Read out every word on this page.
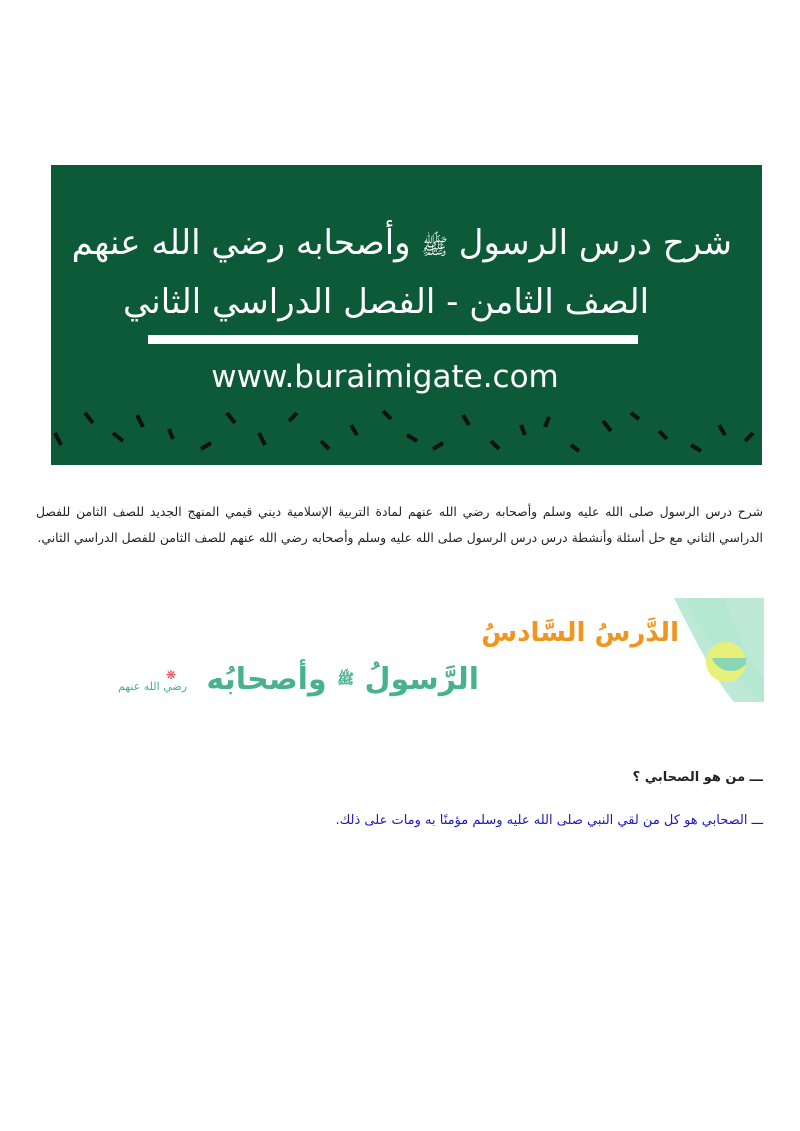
شرح درس الرسول ﷺ وأصحابه رضي الله عنهم
الصف الثامن - الفصل الدراسي الثاني
www.buraimigate.com

شرح درس الرسول صلى الله عليه وسلم وأصحابه رضي الله عنهم لمادة التربية الإسلامية ديني قيمي المنهج الجديد للصف الثامن للفصل الدراسي الثاني مع حل أسئلة وأنشطة درس درس الرسول صلى الله عليه وسلم وأصحابه رضي الله عنهم للصف الثامن للفصل الدراسي الثاني.

الدَّرسُ السَّادسُ
الرَّسولُ ﷺ وأصحابُه
❋
رضي الله عنهم
ـــ من هو الصحابي ؟
ـــ الصحابي هو كل من لقي النبي صلى الله عليه وسلم مؤمنًا به ومات على ذلك.
